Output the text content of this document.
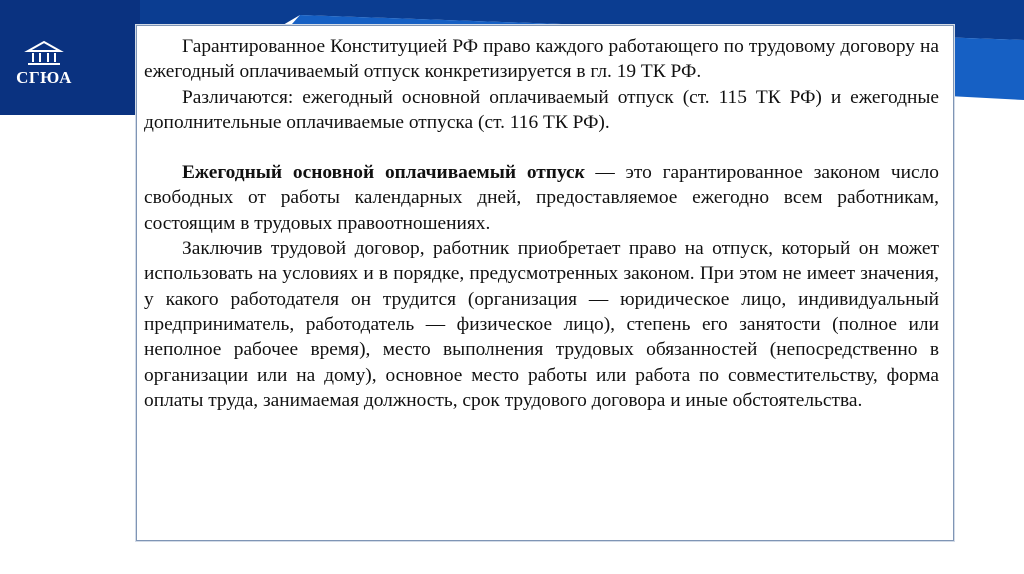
СГЮА

Гарантированное Конституцией РФ право каждого работающего по трудовому договору на ежегодный оплачиваемый отпуск конкретизируется в гл. 19 ТК РФ.

Различаются: ежегодный основной оплачиваемый отпуск (ст. 115 ТК РФ) и ежегодные дополнительные оплачиваемые отпуска (ст. 116 ТК РФ).

Ежегодный основной оплачиваемый отпуск — это гарантированное законом число свободных от работы календарных дней, предоставляемое ежегодно всем работникам, состоящим в трудовых правоотношениях.

Заключив трудовой договор, работник приобретает право на отпуск, который он может использовать на условиях и в порядке, предусмотренных законом. При этом не имеет значения, у какого работодателя он трудится (организация — юридическое лицо, индивидуальный предприниматель, работодатель — физическое лицо), степень его занятости (полное или неполное рабочее время), место выполнения трудовых обязанностей (непосредственно в организации или на дому), основное место работы или работа по совместительству, форма оплаты труда, занимаемая должность, срок трудового договора и иные обстоятельства.
